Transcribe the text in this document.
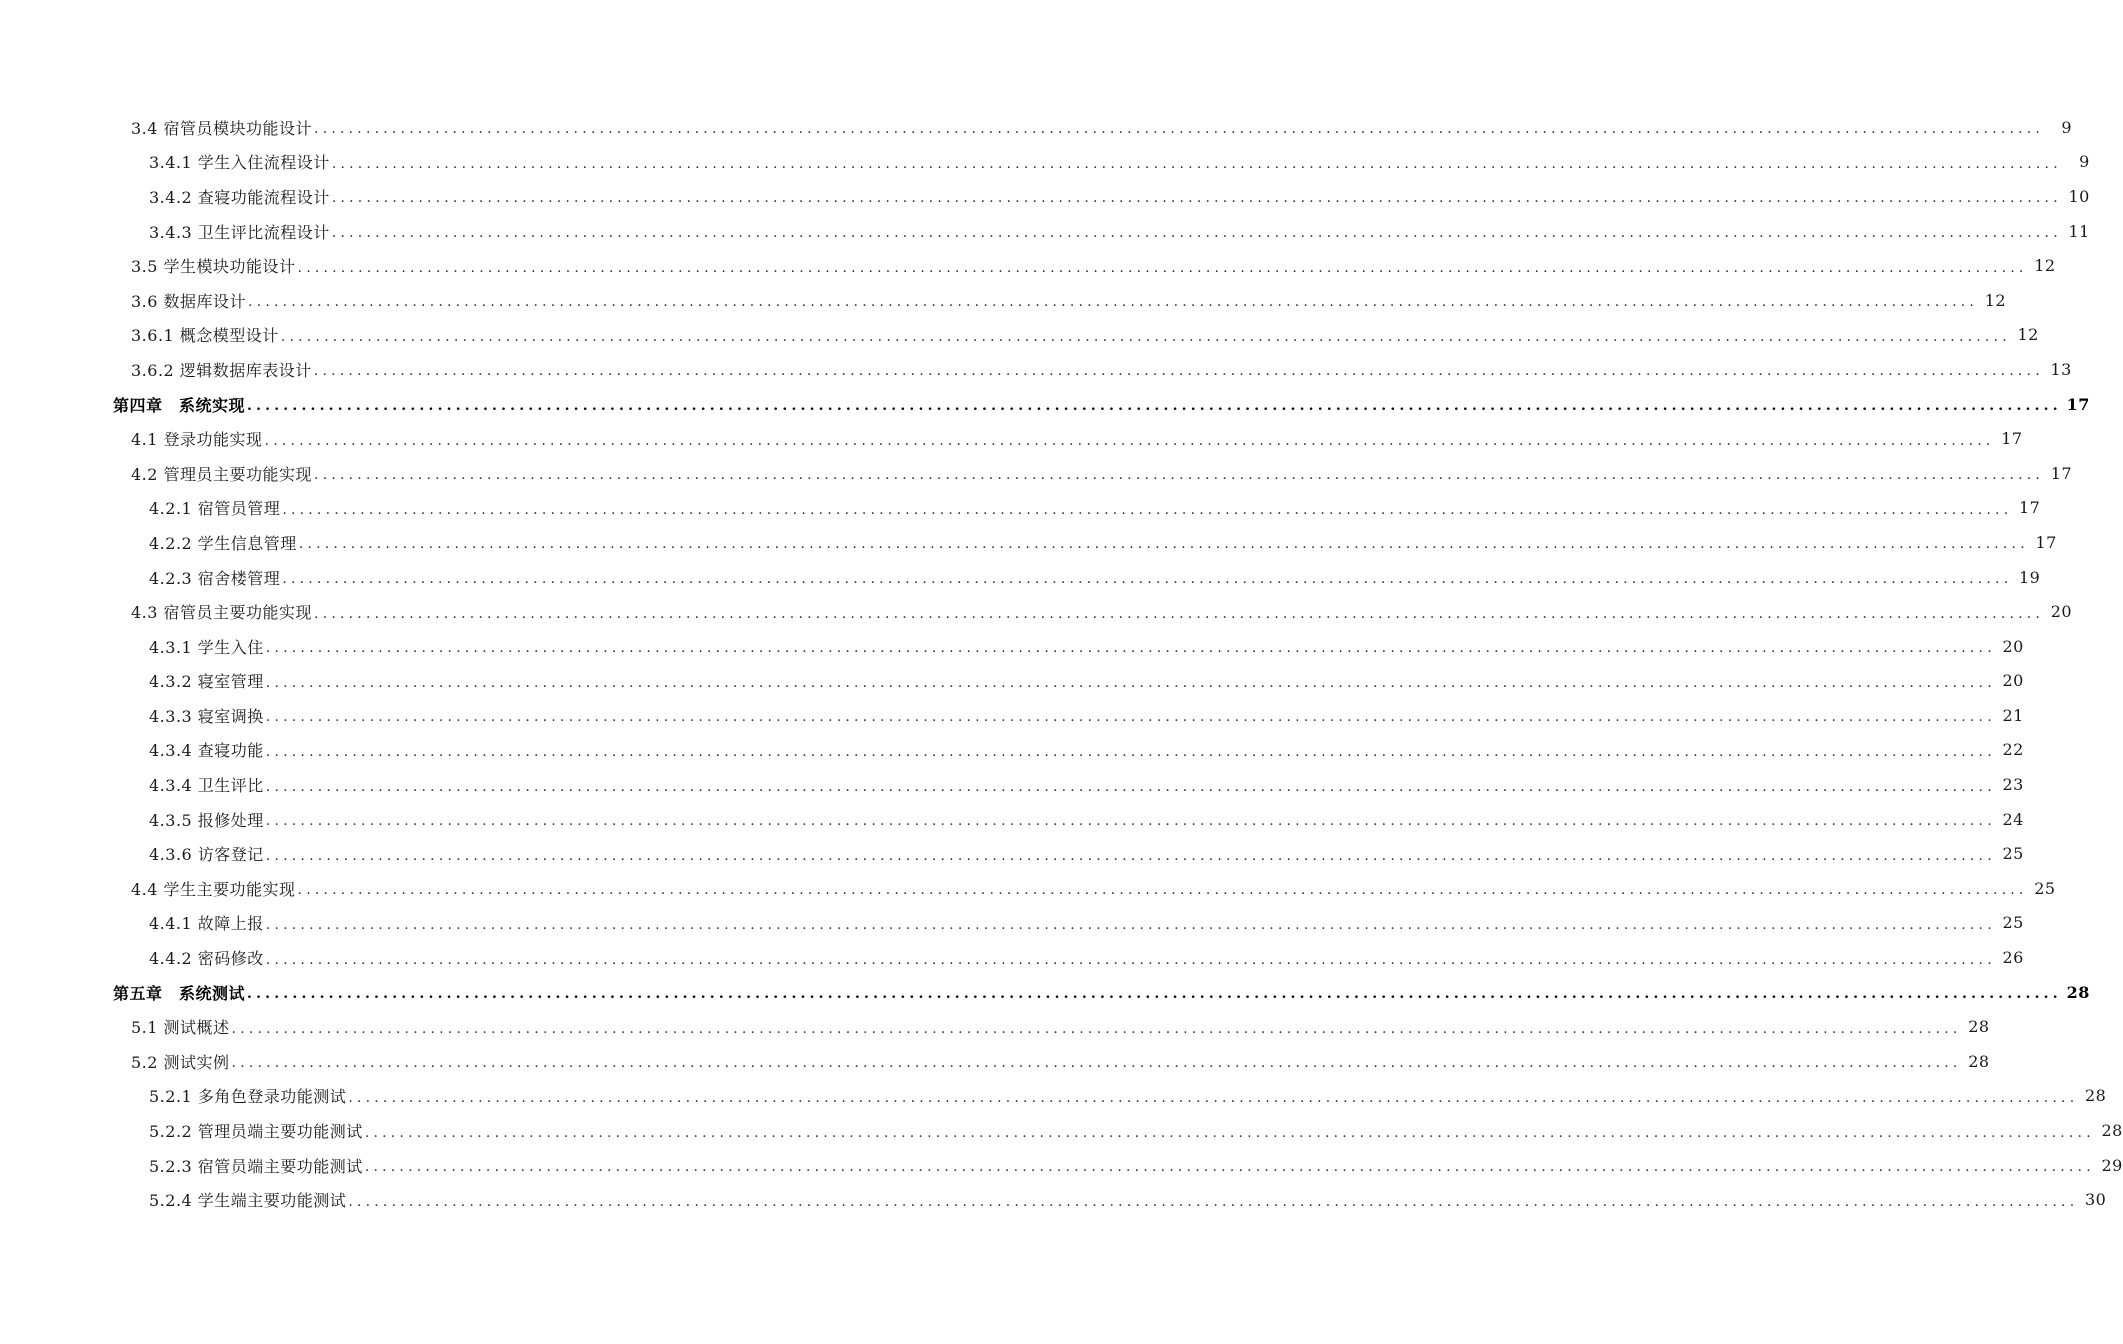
3.4 宿管员模块功能设计 ........................................................................................................................................................................................................	9
3.4.1 学生入住流程设计 ........................................................................................................................................................................................................	9
3.4.2 查寝功能流程设计 ........................................................................................................................................................................................................ 10
3.4.3 卫生评比流程设计 ........................................................................................................................................................................................................ 11
3.5 学生模块功能设计 ........................................................................................................................................................................................................ 12
3.6 数据库设计 ........................................................................................................................................................................................................ 12
3.6.1 概念模型设计 ........................................................................................................................................................................................................ 12
3.6.2 逻辑数据库表设计 ........................................................................................................................................................................................................ 13
第四章　系统实现 ........................................................................................................................................................................................................ 17
4.1 登录功能实现 ........................................................................................................................................................................................................ 17
4.2 管理员主要功能实现 ........................................................................................................................................................................................................ 17
4.2.1 宿管员管理 ........................................................................................................................................................................................................ 17
4.2.2 学生信息管理 ........................................................................................................................................................................................................ 17
4.2.3 宿舍楼管理 ........................................................................................................................................................................................................ 19
4.3 宿管员主要功能实现 ........................................................................................................................................................................................................ 20
4.3.1 学生入住 ........................................................................................................................................................................................................ 20
4.3.2 寝室管理 ........................................................................................................................................................................................................ 20
4.3.3 寝室调换 ........................................................................................................................................................................................................ 21
4.3.4 查寝功能 ........................................................................................................................................................................................................ 22
4.3.4 卫生评比 ........................................................................................................................................................................................................ 23
4.3.5 报修处理 ........................................................................................................................................................................................................ 24
4.3.6 访客登记 ........................................................................................................................................................................................................ 25
4.4 学生主要功能实现 ........................................................................................................................................................................................................ 25
4.4.1 故障上报 ........................................................................................................................................................................................................ 25
4.4.2 密码修改 ........................................................................................................................................................................................................ 26
第五章　系统测试 ........................................................................................................................................................................................................ 28
5.1 测试概述 ........................................................................................................................................................................................................ 28
5.2 测试实例 ........................................................................................................................................................................................................ 28
5.2.1 多角色登录功能测试 ........................................................................................................................................................................................................ 28
5.2.2 管理员端主要功能测试 ........................................................................................................................................................................................................ 28
5.2.3 宿管员端主要功能测试 ........................................................................................................................................................................................................ 29
5.2.4 学生端主要功能测试 ........................................................................................................................................................................................................ 30
